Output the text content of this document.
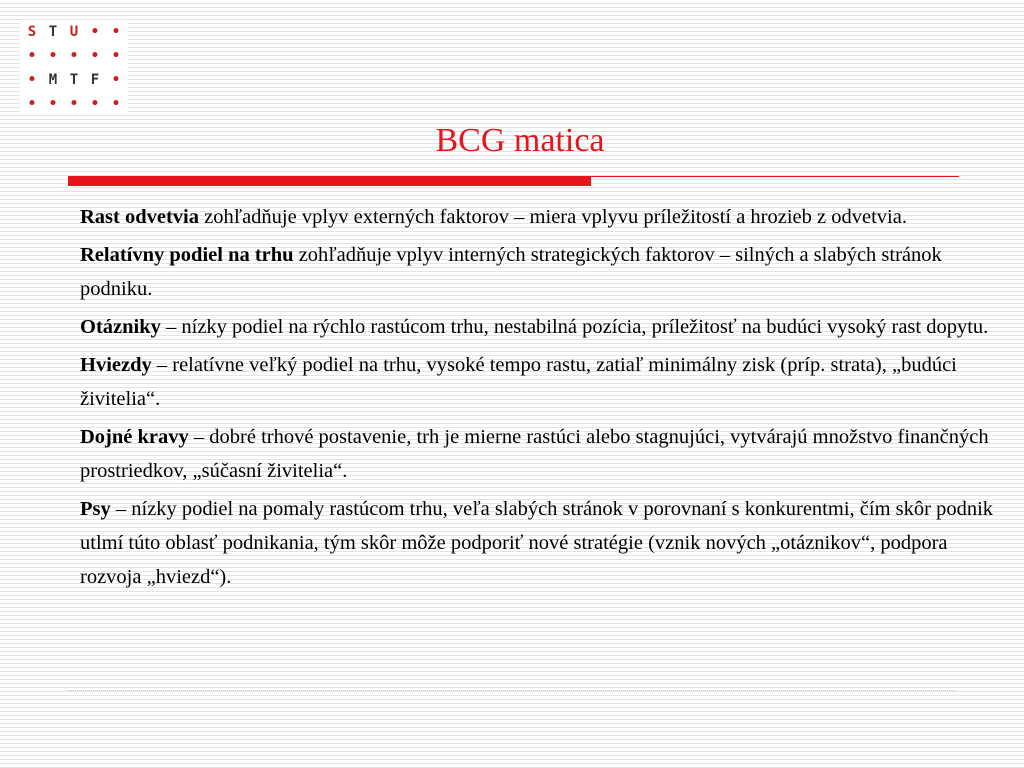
S T U • •
• • • • •
• M T F •
• • • • •
BCG matica

Rast odvetvia zohľadňuje vplyv externých faktorov – miera vplyvu príležitostí a hrozieb z odvetvia.

Relatívny podiel na trhu zohľadňuje vplyv interných strategických faktorov – silných a slabých stránok podniku.

Otázniky – nízky podiel na rýchlo rastúcom trhu, nestabilná pozícia, príležitosť na budúci vysoký rast dopytu.

Hviezdy – relatívne veľký podiel na trhu, vysoké tempo rastu, zatiaľ minimálny zisk (príp. strata), „budúci živitelia“.

Dojné kravy – dobré trhové postavenie, trh je mierne rastúci alebo stagnujúci, vytvárajú množstvo finančných prostriedkov, „súčasní živitelia“.

Psy – nízky podiel na pomaly rastúcom trhu, veľa slabých stránok v porovnaní s konkurentmi, čím skôr podnik utlmí túto oblasť podnikania, tým skôr môže podporiť nové stratégie (vznik nových „otáznikov“, podpora rozvoja „hviezd“).
